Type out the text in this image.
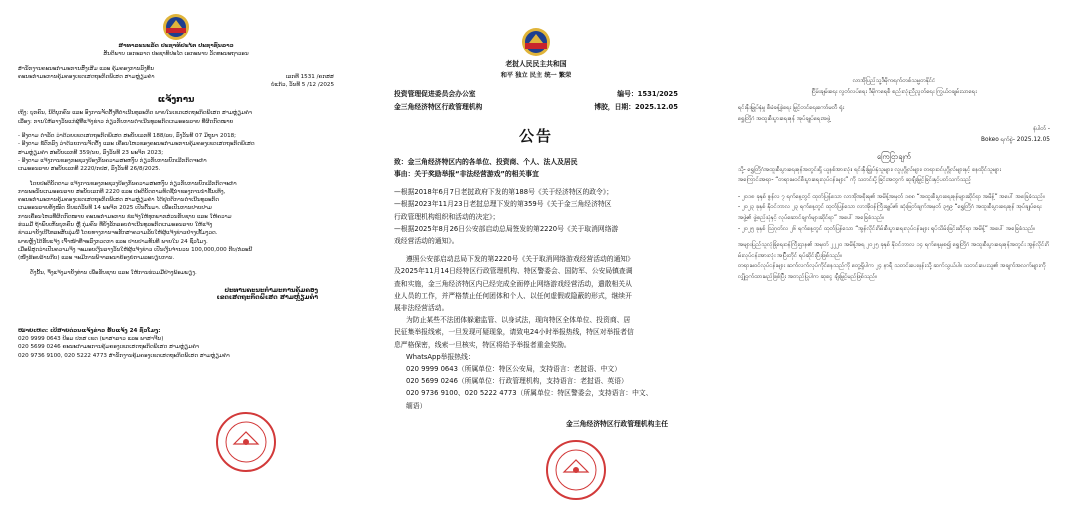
ສາທາລະນະລັດ ປະຊາທິປະໄຕ ປະຊາຊົນລາວ

ສັນຕິພາບ ເອກະລາດ ປະຊາທິປະໄຕ ເອກະພາບ ວັດທະນະຖາວອນ

ສໍານັກງານຄະນະກໍາມະການສົ່ງເສີມ ແລະ ຄຸ້ມຄອງການລົງທຶນ

ຄະນະກໍາມະການຄຸ້ມຄອງເຂດເສດຖະກິດພິເສດ ສາມຫຼ່ຽມຄໍາ	ເລກທີ 1531 /ຄກສສ

ບໍ່ແກ້ວ, ວັນທີ 5 /12 /2025

ແຈ້ງການ

ເຖິງ: ບຸກຄົນ, ນິຕິບຸກຄົນ ແລະ ອົງການຈັດຕັ້ງທີ່ດໍາເນີນທຸລະກິດ ພາຍໃນເຂດເສດຖະກິດພິເສດ ສາມຫຼ່ຽມຄໍາ

ເລື່ອງ: ການໃຫ້ລາງວັນແກ່ຜູ້ທີ່ແຈ້ງຂ່າວ ກ່ຽວກັບການດໍາເນີນທຸລະກິດເກມອອນລາຍ ທີ່ຜິດກົດໝາຍ

- ອີງຕາມ ດໍາລັດ ວ່າດ້ວຍເຂດເສດຖະກິດພິເສດ ສະບັບເລກທີ 188/ລບ, ລົງວັນທີ 07 ມິຖຸນາ 2018;

- ອີງຕາມ ຂໍ້ຕົກລົງ ວ່າດ້ວຍການຈັດຕັ້ງ ແລະ ເຄື່ອນໄຫວຂອງຄະນະກໍາມະການຄຸ້ມຄອງເຂດເສດຖະກິດພິເສດ

ສາມຫຼ່ຽມຄໍາ ສະບັບເລກທີ 359/ນຍ, ລົງວັນທີ 23 ພະຈິກ 2023;

- ອີງຕາມ ແຈ້ງການຂອງກະຊວງປ້ອງກັນຄວາມສະຫງົບ ກ່ຽວກັບການຍົກເລີກກິດຈະກໍາ

ເກມອອນລາຍ ສະບັບເລກທີ 2220/ກປສ, ລົງວັນທີ 26/8/2025.

ໂດຍປະຕິບັດຕາມ ແຈ້ງການຂອງກະຊວງປ້ອງກັນຄວາມສະຫງົບ ກ່ຽວກັບການຍົກເລີກກິດຈະກໍາ

ການພະນັນເກມອອນລາຍ ສະບັບເລກທີ 2220 ແລະ ປະຕິບັດຕາມທິດຊີ້ນໍາຂອງການນໍາຂັ້ນເທິງ,

ຄະນະກໍາມະການຄຸ້ມຄອງເຂດເສດຖະກິດພິເສດ ສາມຫຼ່ຽມຄໍາ ໄດ້ຢຸດຕິການດໍາເນີນທຸລະກິດ

ເກມອອນລາຍທັງໝົດ ນັບແຕ່ວັນທີ 14 ພະຈິກ 2025 ເປັນຕົ້ນມາ. ເພື່ອເປັນການປາບປາມ

ການເຄື່ອນໄຫວທີ່ຜິດກົດໝາຍ ຄະນະກໍາມະການ ຂໍແຈ້ງໃຫ້ທຸກພາກສ່ວນຮັບຊາບ ແລະ ໃຫ້ຄວາມ

ຮ່ວມມື ຖ້າພົບເຫັນບຸກຄົນ ຫຼື ກຸ່ມຄົນ ທີ່ຍັງລັກລອບດໍາເນີນທຸລະກິດເກມອອນລາຍ ໃຫ້ແຈ້ງ

ຂ່າວມາຍັງເບີໂທລະສັບລຸ່ມນີ້ ໂດຍທາງການຈະຮັກສາຄວາມລັບໃຫ້ຜູ້ແຈ້ງຂ່າວຢ່າງເຂັ້ມງວດ.

ພາຍຫຼັງໄດ້ຮັບແຈ້ງ ເຈົ້າໜ້າທີ່ຈະລົງກວດກາ ແລະ ປາບປາມທັນທີ ພາຍໃນ 24 ຊົ່ວໂມງ.

ເມື່ອພິສູດວ່າເປັນຄວາມຈິງ ຈະມອບເງິນລາງວັນໃຫ້ຜູ້ແຈ້ງຂ່າວ ເປັນເງິນຈໍານວນ 100,000,000 ກີບ/ກໍລະນີ

(ໜຶ່ງຮ້ອຍລ້ານກີບ) ແລະ ຈະມີການພິຈາລະນາຍ້ອງຍໍຕາມລະບຽບການ.

ດັ່ງນັ້ນ, ຈຶ່ງແຈ້ງມາຍັງທ່ານ ເພື່ອຮັບຊາບ ແລະ ໃຫ້ການຮ່ວມມືຢ່າງພ້ອມພຽງ.

ປະທານຄະນະກໍາມະການຄຸ້ມຄອງ

ເຂດເສດຖະກິດພິເສດ ສາມຫຼ່ຽມຄໍາ

ໝາຍເຫດ: ເບີສາຍດ່ວນແຈ້ງຂ່າວ ຮັບແຈ້ງ 24 ຊົ່ວໂມງ:

020 9999 0643 ປ້ອມ ປກສ ເຂດ (ພາສາລາວ ແລະ ພາສາຈີນ)

020 5699 0246 ຄະນະກໍາມະການຄຸ້ມຄອງເຂດເສດຖະກິດພິເສດ ສາມຫຼ່ຽມຄໍາ

020 9736 9100, 020 5222 4773 ສໍານັກງານຄຸ້ມຄອງເຂດເສດຖະກິດພິເສດ ສາມຫຼ່ຽມຄໍາ

老挝人民民主共和国

和平 独立 民主 统一 繁荣

投资管理促进委员会办公室

金三角经济特区行政管理机构

编号：1531/2025

博胶，日期：2025.12.05

公告

致：金三角经济特区内的各单位、投资商、个人、法人及居民

事由：关于奖励举报“非法经营游戏”的相关事宜

—根据2018年6月7日老挝政府下发的第188号《关于经济特区的政令》；

—根据2023年11月23日老挝总理下发的第359号《关于金三角经济特区

行政管理机构组织和活动的决定》；

—根据2025年8月26日公安部启动总局签发的第2220号《关于取消网络游

戏经营活动的通知》。

遵照公安部启动总局下发的第2220号《关于取消网络游戏经营活动的通知》

及2025年11月14日经特区行政管理机构、特区警委会、国防军、公安局镇查调

查和实施，金三角经济特区内已经完成全面停止网络游戏经营活动，遣散相关从

业人员的工作，并严格禁止任何团体和个人、以任何虚假或隐蔽的形式，继续开

展非法经营活动。

为防止某些不法团体躲避监管、以身试法，现向特区全体单位、投资商、居

民征集举报线索，一旦发现可疑现象，请致电24小时举报热线，特区对举报者信

息严格保密，线索一旦核实，特区将给予举报者重金奖励。

WhatsApp举报热线：

020 9999 0643（所属单位：特区公安局，支持语言：老挝语、中文）

020 5699 0246（所属单位：行政管理机构，支持语言：老挝语、英语）

020 9736 9100、020 5222 4773（所属单位：特区警委会，支持语言：中文、

缅语）

金三角经济特区行政管理机构主任

လာအိုပြည်သူ့ဒီမိုကရက်တစ်သမ္မတနိုင်ငံ

ငြိမ်းချမ်းရေး လွတ်လပ်ရေး ဒီမိုကရေစီ စည်းလုံးညီညွတ်ရေး ကြွယ်ဝချမ်းသာရေး

ရင်းနှီးမြှုပ်နှံမှု စီမံခန့်ခွဲရေး မြှင့်တင်ရေးကော်မတီ ရုံး

ရွှေတြိဂံ အထူးစီးပွားရေးဇုန် အုပ်ချုပ်ရေးအဖွဲ့

နံပါတ် -

Bokeo ရက်စွဲ- 2025.12.05

ကြေငြာချက်

သို့- ရွှေတြိဂံအထူးစီးပွားရေးဇုန်အတွင်းရှိ ယူနစ်အားလုံး၊ ရင်းနှီးမြှုပ်နှံသူများ၊ လူပုဂ္ဂိုလ်များ၊ တရားဝင်ပုဂ္ဂိုလ်များနှင့် နေထိုင်သူများ

အကြောင်းအရာ- “တရားမဝင်စီးပွားရေးလုပ်ငန်းများ” ကို သတင်းပို့ခြင်းအတွက် ဆုချီးမြှင့်ခြင်းနှင့်ပတ်သက်သည့်

- ၂၀၁၈ ခုနှစ် ဇွန်လ ၇ ရက်နေ့တွင် ထုတ်ပြန်သော လာအိုအစိုးရ၏ အမိန့်အမှတ် ၁၈၈ “အထူးစီးပွားရေးဇုန်များဆိုင်ရာ အမိန့်” အပေါ် အခြေခံသည်။

- ၂၀၂၃ ခုနှစ် နိုဝင်ဘာလ ၂၃ ရက်နေ့တွင် ထုတ်ပြန်သော လာအိုဝန်ကြီးချုပ်၏ ဆုံးဖြတ်ချက်အမှတ် ၃၅၉ “ရွှေတြိဂံ အထူးစီးပွားရေးဇုန် အုပ်ချုပ်ရေးအဖွဲ့၏ ဖွဲ့စည်းပုံနှင့် လုပ်ဆောင်ချက်များဆိုင်ရာ” အပေါ် အခြေခံသည်။

- ၂၀၂၅ ခုနှစ် ဩဂုတ်လ ၂၆ ရက်နေ့တွင် ထုတ်ပြန်သော “အွန်လိုင်းဂိမ်းစီးပွားရေးလုပ်ငန်းများ ရုပ်သိမ်းခြင်းဆိုင်ရာ အမိန့်” အပေါ် အခြေခံသည်။

အများပြည်သူလုံခြုံရေးဝန်ကြီးဌာန၏ အမှတ် ၂၂၂၀ အမိန့်အရ ၂၀၂၅ ခုနှစ် နိုဝင်ဘာလ ၁၄ ရက်နေ့မှစ၍ ရွှေတြိဂံ အထူးစီးပွားရေးဇုန်အတွင်း အွန်လိုင်းဂိမ်းလုပ်ငန်းအားလုံး အပြီးတိုင် ရပ်ဆိုင်းပြီးဖြစ်သည်။

တရားမဝင်လုပ်ငန်းများ ဆက်လက်လုပ်ကိုင်နေသည်ကို တွေ့ရှိပါက ၂၄ နာရီ သတင်းပေးဖုန်းသို့ ဆက်သွယ်ပါ။ သတင်းပေးသူ၏ အချက်အလက်များကို လျှို့ဝှက်ထားမည်ဖြစ်ပြီး အတည်ပြုပါက ဆုငွေ ချီးမြှင့်မည်ဖြစ်သည်။
